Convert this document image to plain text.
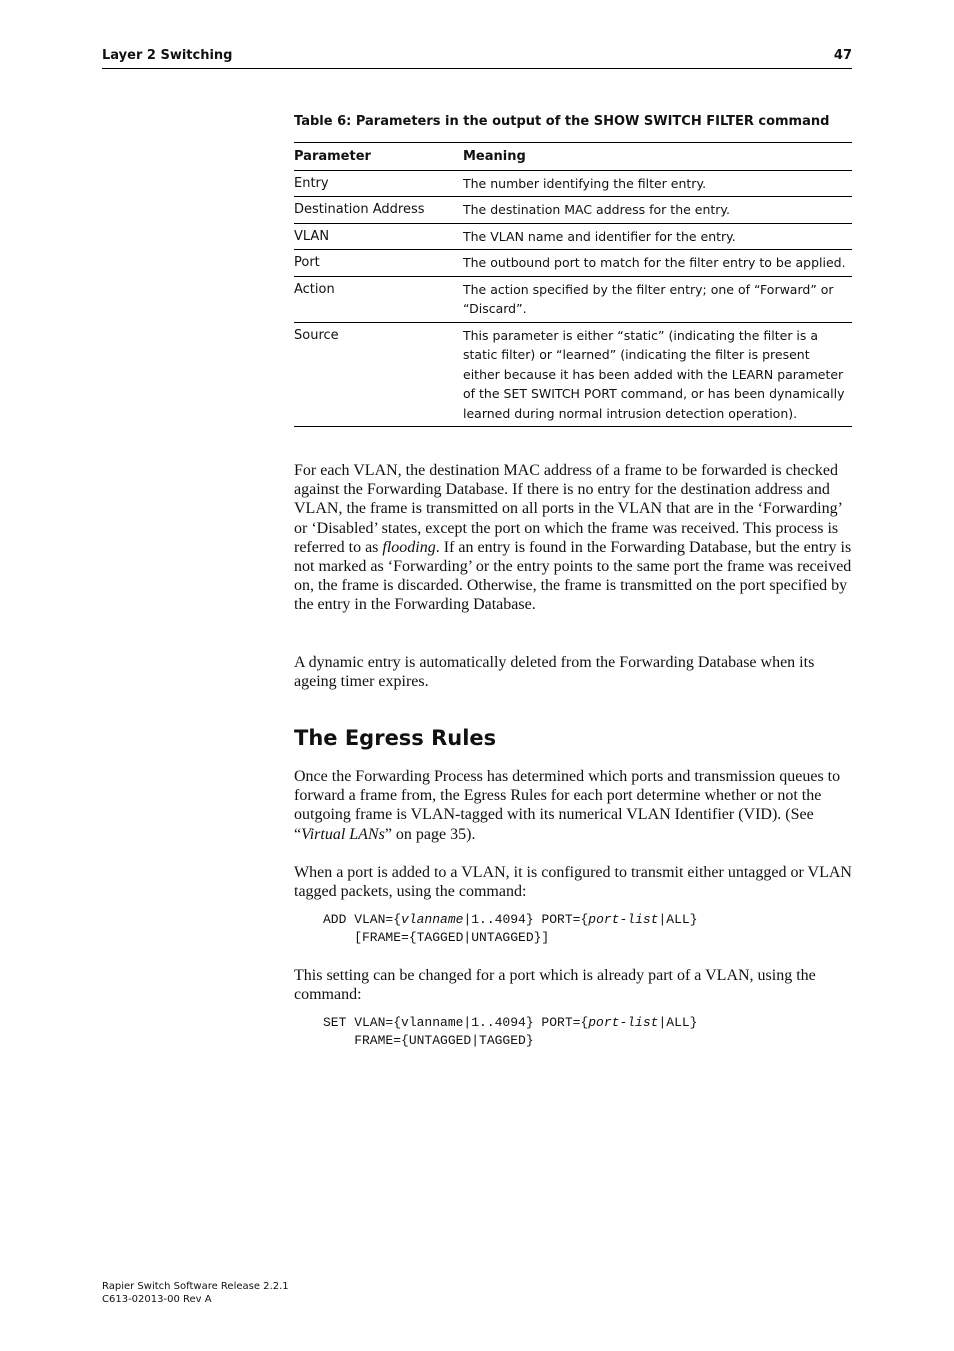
Layer 2 Switching	47
Table 6: Parameters in the output of the SHOW SWITCH FILTER command
Parameter	Meaning
Entry	The number identifying the filter entry.
Destination Address	The destination MAC address for the entry.
VLAN	The VLAN name and identifier for the entry.
Port	The outbound port to match for the filter entry to be applied.
Action	The action specified by the filter entry; one of “Forward” or “Discard”.
Source	This parameter is either “static” (indicating the filter is a static filter) or “learned” (indicating the filter is present either because it has been added with the LEARN parameter of the SET SWITCH PORT command, or has been dynamically learned during normal intrusion detection operation).

For each VLAN, the destination MAC address of a frame to be forwarded is checked against the Forwarding Database. If there is no entry for the destination address and VLAN, the frame is transmitted on all ports in the VLAN that are in the ‘Forwarding’ or ‘Disabled’ states, except the port on which the frame was received. This process is referred to as flooding. If an entry is found in the Forwarding Database, but the entry is not marked as ‘Forwarding’ or the entry points to the same port the frame was received on, the frame is discarded. Otherwise, the frame is transmitted on the port specified by the entry in the Forwarding Database.

A dynamic entry is automatically deleted from the Forwarding Database when its ageing timer expires.

The Egress Rules

Once the Forwarding Process has determined which ports and transmission queues to forward a frame from, the Egress Rules for each port determine whether or not the outgoing frame is VLAN-tagged with its numerical VLAN Identifier (VID). (See “Virtual LANs” on page 35).

When a port is added to a VLAN, it is configured to transmit either untagged or VLAN tagged packets, using the command:

ADD VLAN={vlanname|1..4094} PORT={port-list|ALL}
[FRAME={TAGGED|UNTAGGED}]

This setting can be changed for a port which is already part of a VLAN, using the command:

SET VLAN={vlanname|1..4094} PORT={port-list|ALL}
FRAME={UNTAGGED|TAGGED}
Rapier Switch Software Release 2.2.1
C613-02013-00 Rev A
